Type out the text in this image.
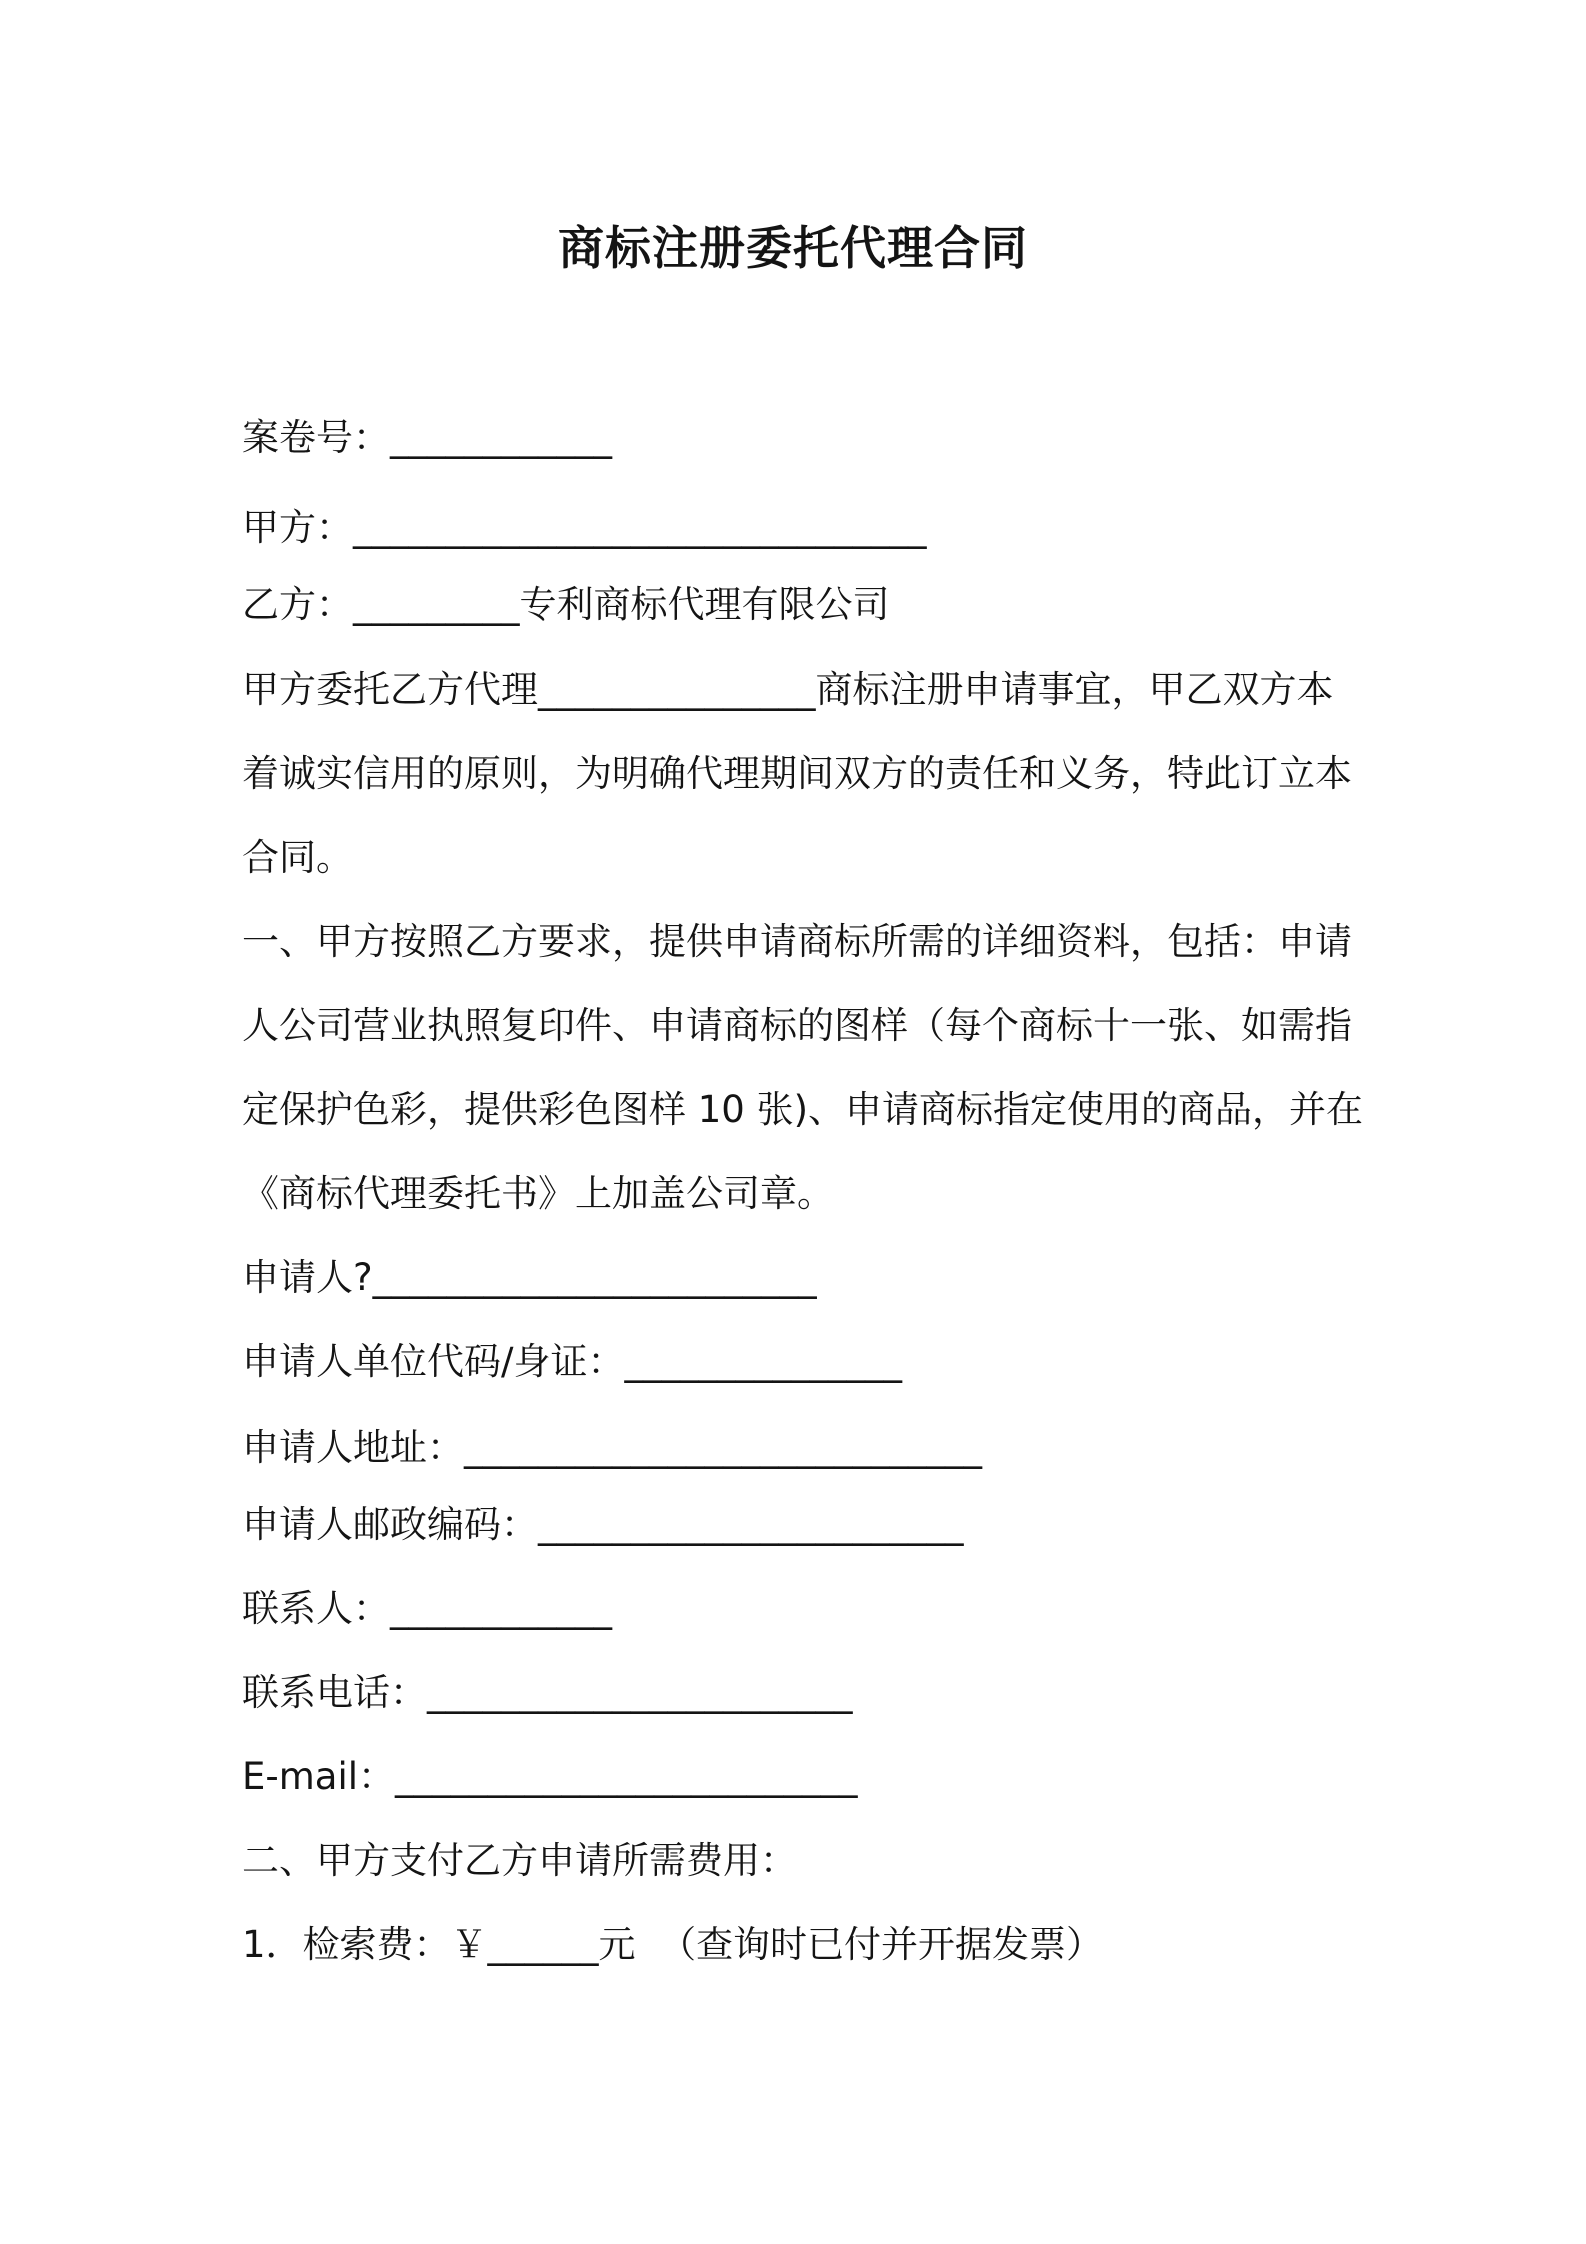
商标注册委托代理合同
案卷号：____________
甲方：_______________________________
乙方：_________专利商标代理有限公司
甲方委托乙方代理_______________商标注册申请事宜，甲乙双方本
着诚实信用的原则，为明确代理期间双方的责任和义务，特此订立本
合同。
一、甲方按照乙方要求，提供申请商标所需的详细资料，包括：申请
人公司营业执照复印件、申请商标的图样（每个商标十一张、如需指
定保护色彩，提供彩色图样 10 张)、申请商标指定使用的商品，并在
《商标代理委托书》上加盖公司章。
申请人?________________________
申请人单位代码/身证：_______________
申请人地址：____________________________
申请人邮政编码：_______________________
联系人：____________
联系电话：_______________________
E-mail：_________________________
二、甲方支付乙方申请所需费用：
1．检索费：￥______元  （查询时已付并开据发票）
